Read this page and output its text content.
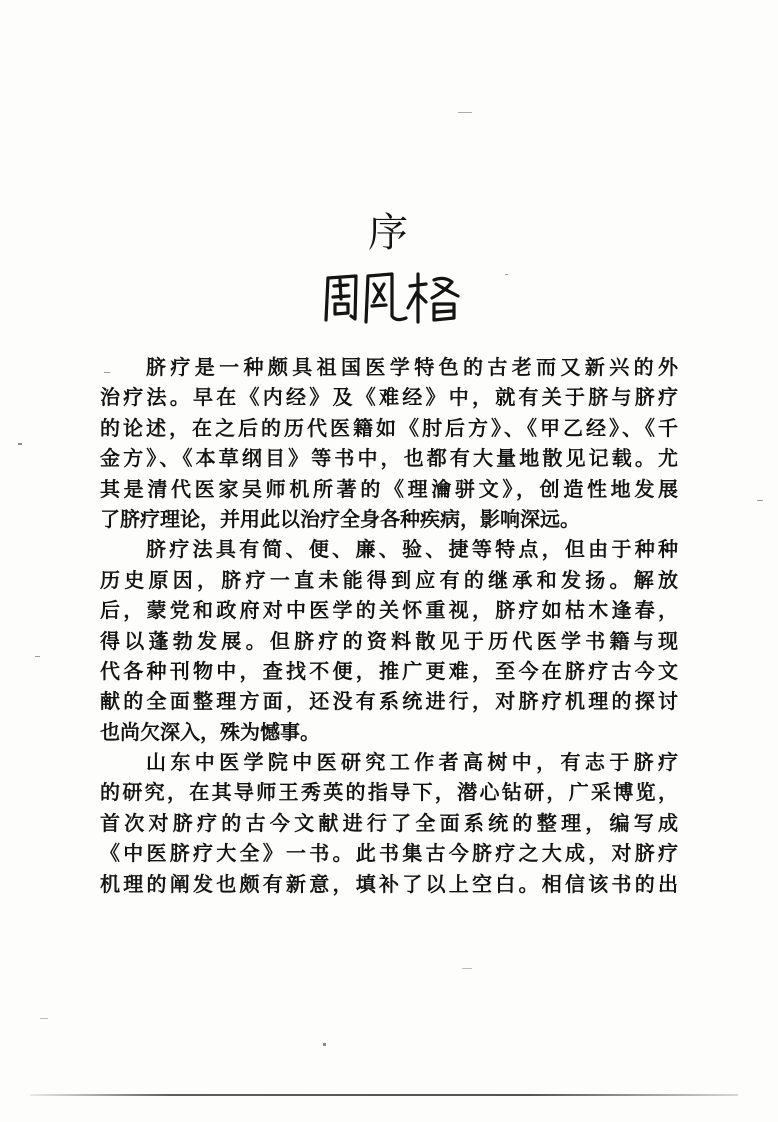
序
脐疗是一种颇具祖国医学特色的古老而又新兴的外
治疗法。早在《内经》及《难经》中，就有关于脐与脐疗
的论述，在之后的历代医籍如《肘后方》、《甲乙经》、《千
金方》、《本草纲目》等书中，也都有大量地散见记载。尤
其是清代医家吴师机所著的《理瀹骈文》，创造性地发展
了脐疗理论，并用此以治疗全身各种疾病，影响深远。
脐疗法具有简、便、廉、验、捷等特点，但由于种种
历史原因，脐疗一直未能得到应有的继承和发扬。解放
后，蒙党和政府对中医学的关怀重视，脐疗如枯木逢春，
得以蓬勃发展。但脐疗的资料散见于历代医学书籍与现
代各种刊物中，查找不便，推广更难，至今在脐疗古今文
献的全面整理方面，还没有系统进行，对脐疗机理的探讨
也尚欠深入，殊为憾事。
山东中医学院中医研究工作者高树中，有志于脐疗
的研究，在其导师王秀英的指导下，潜心钻研，广采博览，
首次对脐疗的古今文献进行了全面系统的整理，编写成
《中医脐疗大全》一书。此书集古今脐疗之大成，对脐疗
机理的阐发也颇有新意，填补了以上空白。相信该书的出
